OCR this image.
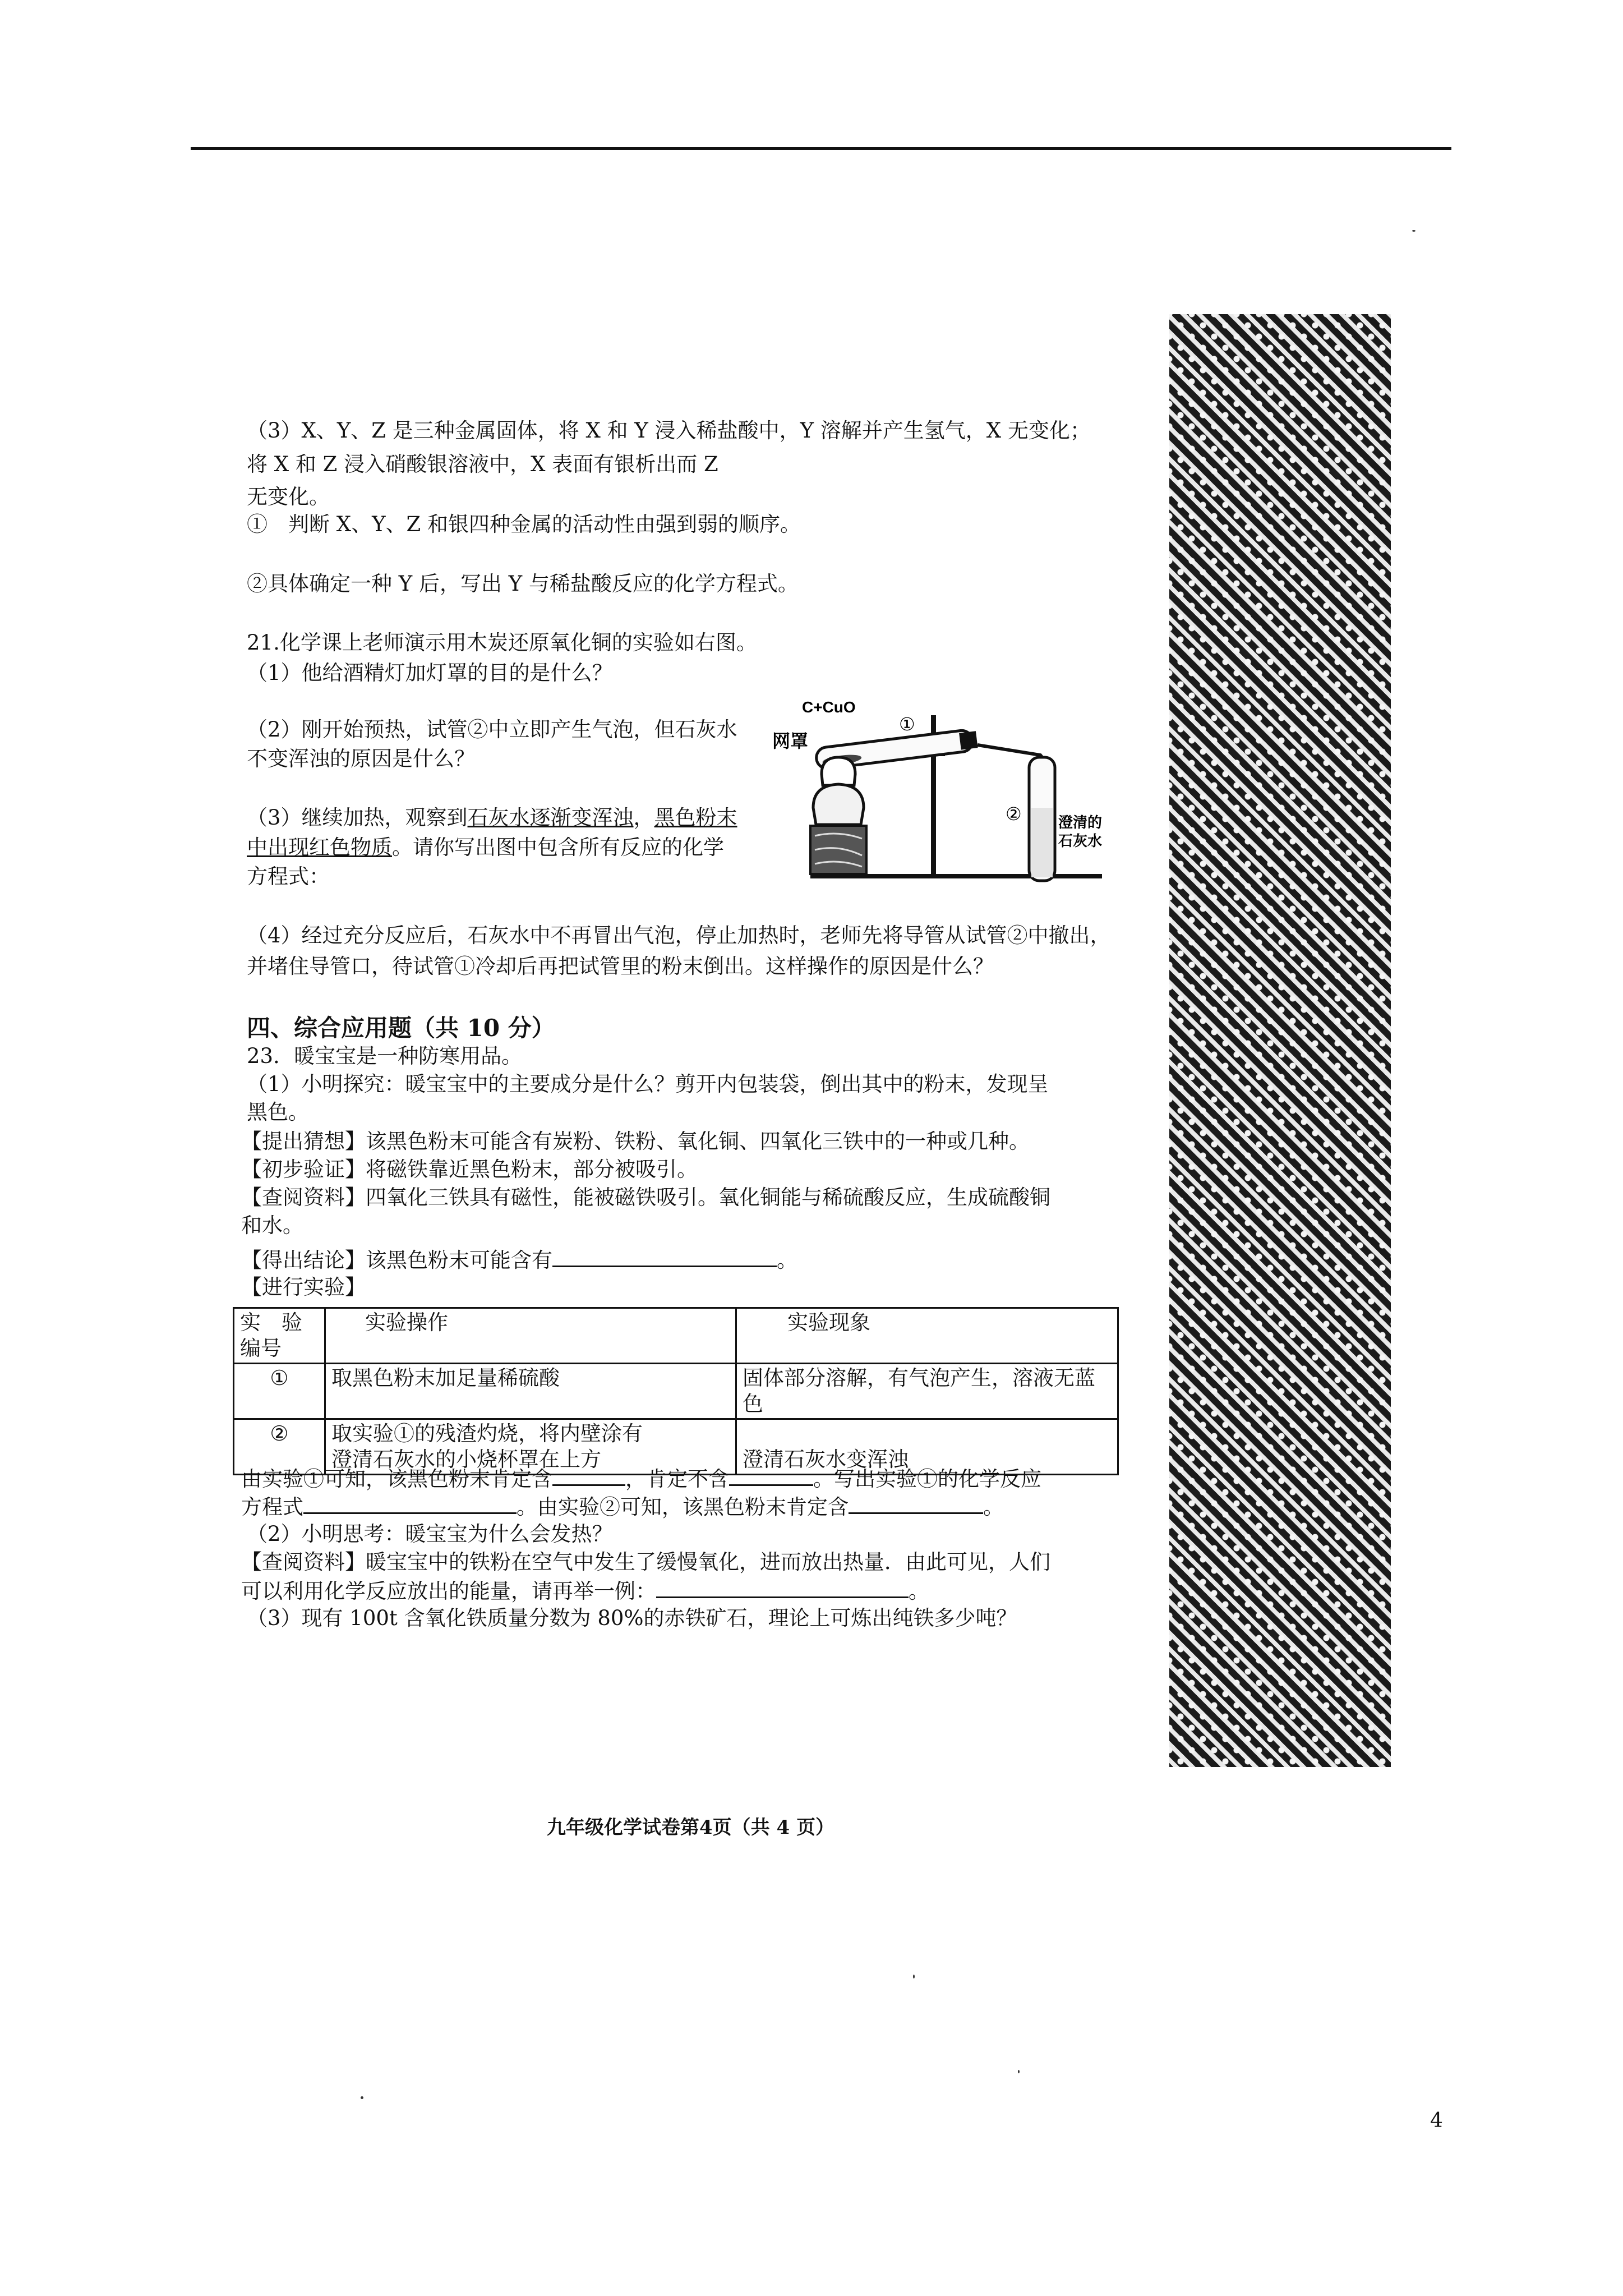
（3）X、Y、Z 是三种金属固体，将 X 和 Y 浸入稀盐酸中，Y 溶解并产生氢气，X 无变化；
将 X 和 Z 浸入硝酸银溶液中，X 表面有银析出而 Z
无变化。
①　判断 X、Y、Z 和银四种金属的活动性由强到弱的顺序。
②具体确定一种 Y 后，写出 Y 与稀盐酸反应的化学方程式。
21.化学课上老师演示用木炭还原氧化铜的实验如右图。
（1）他给酒精灯加灯罩的目的是什么？
（2）刚开始预热，试管②中立即产生气泡，但石灰水
不变浑浊的原因是什么？
（3）继续加热，观察到石灰水逐渐变浑浊，黑色粉末
中出现红色物质。请你写出图中包含所有反应的化学
方程式：
（4）经过充分反应后，石灰水中不再冒出气泡，停止加热时，老师先将导管从试管②中撤出，
并堵住导管口，待试管①冷却后再把试管里的粉末倒出。这样操作的原因是什么？
C+CuO
①
网罩
②	澄清的
石灰水
四、综合应用题（共 10 分）
23．暖宝宝是一种防寒用品。
（1）小明探究：暖宝宝中的主要成分是什么？剪开内包装袋，倒出其中的粉末，发现呈
黑色。
【提出猜想】该黑色粉末可能含有炭粉、铁粉、氧化铜、四氧化三铁中的一种或几种。
【初步验证】将磁铁靠近黑色粉末，部分被吸引。
【查阅资料】四氧化三铁具有磁性，能被磁铁吸引。氧化铜能与稀硫酸反应，生成硫酸铜
和水。
【得出结论】该黑色粉末可能含有	。
【进行实验】
实　验
编号	实验操作	实验现象
①	取黑色粉末加足量稀硫酸	固体部分溶解，有气泡产生，溶液无蓝色
②	取实验①的残渣灼烧，将内壁涂有
澄清石灰水的小烧杯罩在上方	澄清石灰水变浑浊
由实验①可知，该黑色粉末肯定含	，肯定不含	。写出实验①的化学反应
方程式	。由实验②可知，该黑色粉末肯定含	。
（2）小明思考：暖宝宝为什么会发热？
【查阅资料】暖宝宝中的铁粉在空气中发生了缓慢氧化，进而放出热量．由此可见，人们
可以利用化学反应放出的能量，请再举一例：	。
（3）现有 100t 含氧化铁质量分数为 80%的赤铁矿石，理论上可炼出纯铁多少吨？
九年级化学试卷第4页（共 4 页）
4
